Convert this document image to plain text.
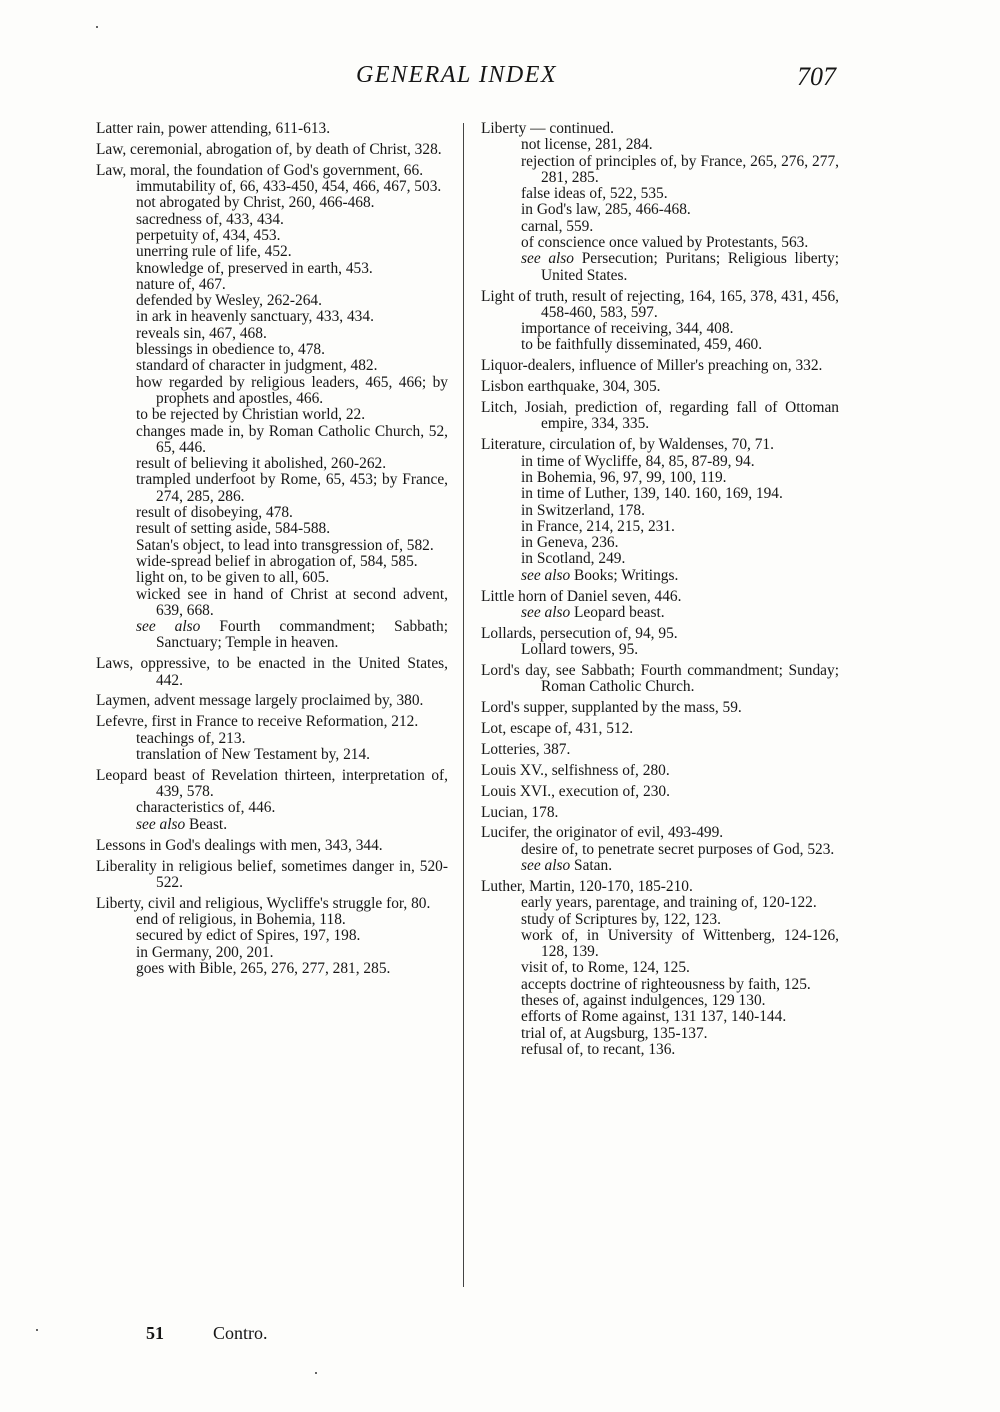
GENERAL INDEX	707
Latter rain, power attending, 611-613.
Law, ceremonial, abrogation of, by death of Christ, 328.
Law, moral, the foundation of God's government, 66.
immutability of, 66, 433-450, 454, 466, 467, 503.
not abrogated by Christ, 260, 466-468.
sacredness of, 433, 434.
perpetuity of, 434, 453.
unerring rule of life, 452.
knowledge of, preserved in earth, 453.
nature of, 467.
defended by Wesley, 262-264.
in ark in heavenly sanctuary, 433, 434.
reveals sin, 467, 468.
blessings in obedience to, 478.
standard of character in judgment, 482.
how regarded by religious leaders, 465, 466; by prophets and apostles, 466.
to be rejected by Christian world, 22.
changes made in, by Roman Catholic Church, 52, 65, 446.
result of believing it abolished, 260-262.
trampled underfoot by Rome, 65, 453; by France, 274, 285, 286.
result of disobeying, 478.
result of setting aside, 584-588.
Satan's object, to lead into transgression of, 582.
wide-spread belief in abrogation of, 584, 585.
light on, to be given to all, 605.
wicked see in hand of Christ at second advent, 639, 668.
see also Fourth commandment; Sabbath; Sanctuary; Temple in heaven.
Laws, oppressive, to be enacted in the United States, 442.
Laymen, advent message largely proclaimed by, 380.
Lefevre, first in France to receive Reformation, 212.
teachings of, 213.
translation of New Testament by, 214.
Leopard beast of Revelation thirteen, interpretation of, 439, 578.
characteristics of, 446.
see also Beast.
Lessons in God's dealings with men, 343, 344.
Liberality in religious belief, sometimes danger in, 520-522.
Liberty, civil and religious, Wycliffe's struggle for, 80.
end of religious, in Bohemia, 118.
secured by edict of Spires, 197, 198.
in Germany, 200, 201.
goes with Bible, 265, 276, 277, 281, 285.
Liberty — continued.
not license, 281, 284.
rejection of principles of, by France, 265, 276, 277, 281, 285.
false ideas of, 522, 535.
in God's law, 285, 466-468.
carnal, 559.
of conscience once valued by Protestants, 563.
see also Persecution; Puritans; Religious liberty; United States.
Light of truth, result of rejecting, 164, 165, 378, 431, 456, 458-460, 583, 597.
importance of receiving, 344, 408.
to be faithfully disseminated, 459, 460.
Liquor-dealers, influence of Miller's preaching on, 332.
Lisbon earthquake, 304, 305.
Litch, Josiah, prediction of, regarding fall of Ottoman empire, 334, 335.
Literature, circulation of, by Waldenses, 70, 71.
in time of Wycliffe, 84, 85, 87-89, 94.
in Bohemia, 96, 97, 99, 100, 119.
in time of Luther, 139, 140. 160, 169, 194.
in Switzerland, 178.
in France, 214, 215, 231.
in Geneva, 236.
in Scotland, 249.
see also Books; Writings.
Little horn of Daniel seven, 446.
see also Leopard beast.
Lollards, persecution of, 94, 95.
Lollard towers, 95.
Lord's day, see Sabbath; Fourth commandment; Sunday; Roman Catholic Church.
Lord's supper, supplanted by the mass, 59.
Lot, escape of, 431, 512.
Lotteries, 387.
Louis XV., selfishness of, 280.
Louis XVI., execution of, 230.
Lucian, 178.
Lucifer, the originator of evil, 493-499.
desire of, to penetrate secret purposes of God, 523.
see also Satan.
Luther, Martin, 120-170, 185-210.
early years, parentage, and training of, 120-122.
study of Scriptures by, 122, 123.
work of, in University of Wittenberg, 124-126, 128, 139.
visit of, to Rome, 124, 125.
accepts doctrine of righteousness by faith, 125.
theses of, against indulgences, 129 130.
efforts of Rome against, 131 137, 140-144.
trial of, at Augsburg, 135-137.
refusal of, to recant, 136.
51	Contro.
